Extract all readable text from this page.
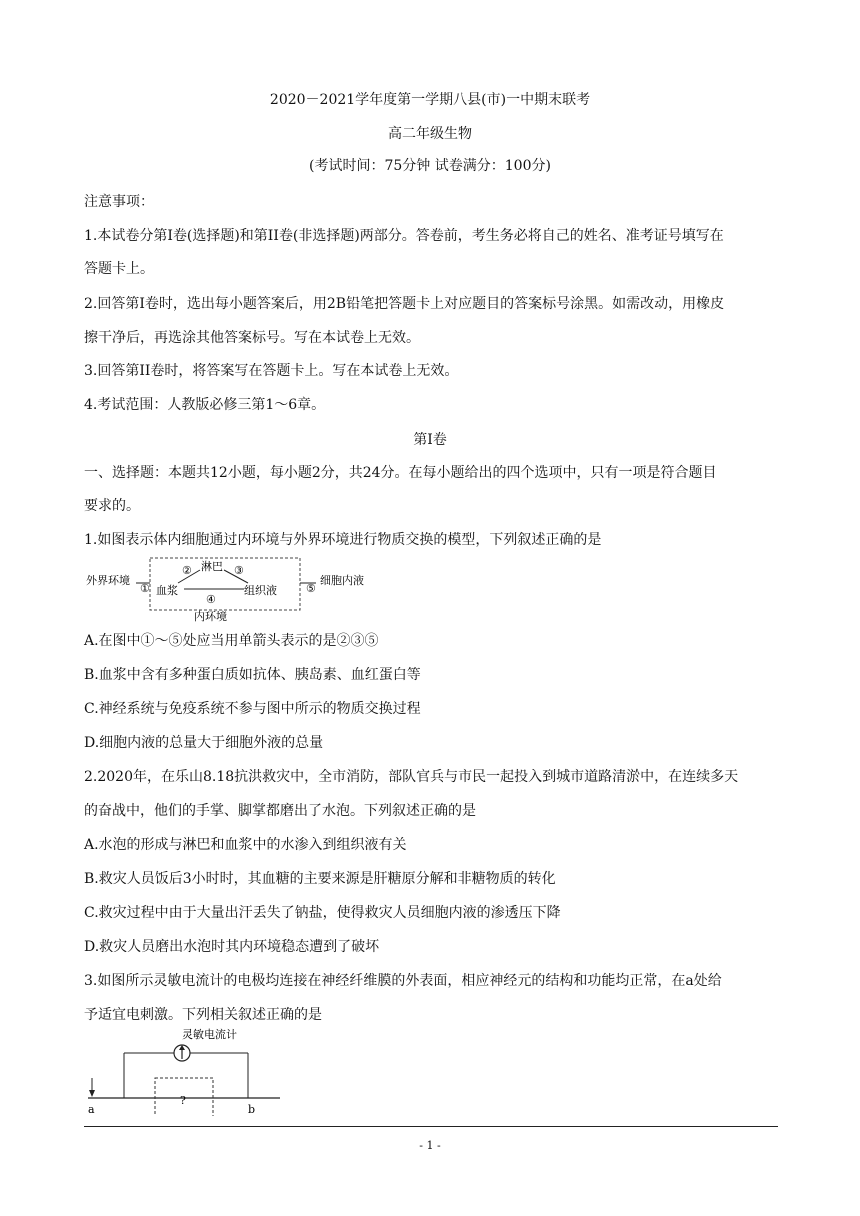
2020－2021学年度第一学期八县(市)一中期末联考
高二年级生物
(考试时间：75分钟 试卷满分：100分)
注意事项：
1.本试卷分第I卷(选择题)和第II卷(非选择题)两部分。答卷前，考生务必将自己的姓名、准考证号填写在
答题卡上。
2.回答第I卷时，选出每小题答案后，用2B铅笔把答题卡上对应题目的答案标号涂黑。如需改动，用橡皮
擦干净后，再选涂其他答案标号。写在本试卷上无效。
3.回答第II卷时，将答案写在答题卡上。写在本试卷上无效。
4.考试范围：人教版必修三第1～6章。
第I卷
一、选择题：本题共12小题，每小题2分，共24分。在每小题给出的四个选项中，只有一项是符合题目
要求的。
1.如图表示体内细胞通过内环境与外界环境进行物质交换的模型，下列叙述正确的是
外界环境
①
② 淋巴 ③
血浆
④
组织液	⑤
细胞内液
内环境
A.在图中①～⑤处应当用单箭头表示的是②③⑤
B.血浆中含有多种蛋白质如抗体、胰岛素、血红蛋白等
C.神经系统与免疫系统不参与图中所示的物质交换过程
D.细胞内液的总量大于细胞外液的总量
2.2020年，在乐山8.18抗洪救灾中，全市消防，部队官兵与市民一起投入到城市道路清淤中，在连续多天
的奋战中，他们的手掌、脚掌都磨出了水泡。下列叙述正确的是
A.水泡的形成与淋巴和血浆中的水渗入到组织液有关
B.救灾人员饭后3小时时，其血糖的主要来源是肝糖原分解和非糖物质的转化
C.救灾过程中由于大量出汗丢失了钠盐，使得救灾人员细胞内液的渗透压下降
D.救灾人员磨出水泡时其内环境稳态遭到了破坏
3.如图所示灵敏电流计的电极均连接在神经纤维膜的外表面，相应神经元的结构和功能均正常，在a处给
予适宜电刺激。下列相关叙述正确的是
灵敏电流计
?
a	b
- 1 -
